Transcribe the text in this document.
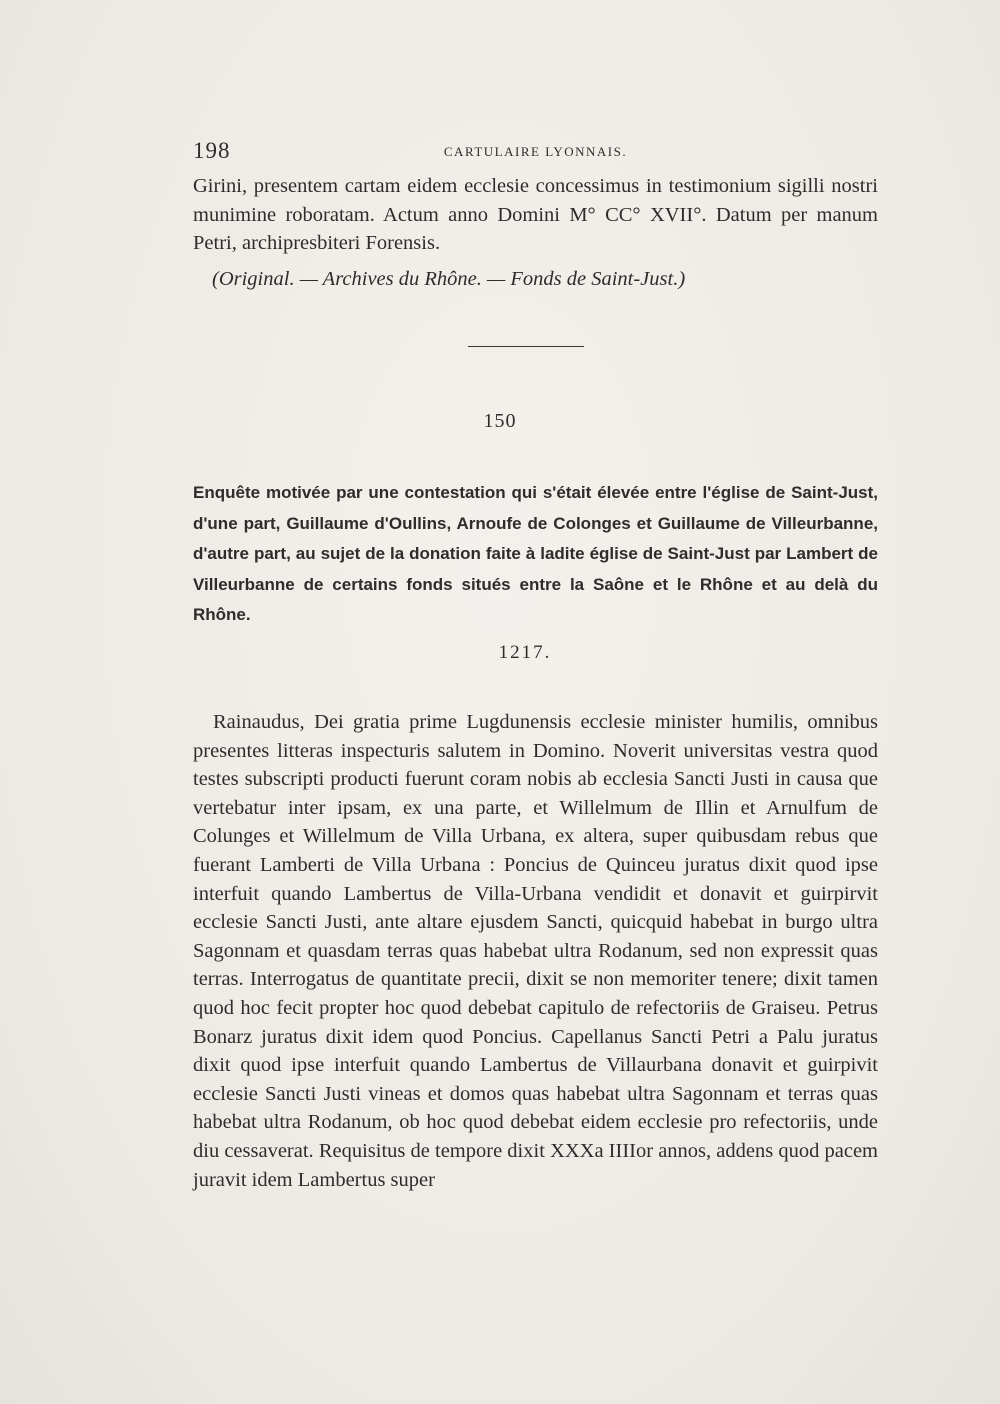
198	CARTULAIRE LYONNAIS.

Girini, presentem cartam eidem ecclesie concessimus in testimonium sigilli nostri munimine roboratam. Actum anno Domini M° CC° XVII°. Datum per manum Petri, archipresbiteri Forensis.

(Original. — Archives du Rhône. — Fonds de Saint-Just.)
150

Enquête motivée par une contestation qui s'était élevée entre l'église de Saint-Just, d'une part, Guillaume d'Oullins, Arnoufe de Colonges et Guillaume de Villeurbanne, d'autre part, au sujet de la donation faite à ladite église de Saint-Just par Lambert de Villeurbanne de certains fonds situés entre la Saône et le Rhône et au delà du Rhône.

1217.

Rainaudus, Dei gratia prime Lugdunensis ecclesie minister humilis, omnibus presentes litteras inspecturis salutem in Domino. Noverit universitas vestra quod testes subscripti producti fuerunt coram nobis ab ecclesia Sancti Justi in causa que vertebatur inter ipsam, ex una parte, et Willelmum de Illin et Arnulfum de Colunges et Willelmum de Villa Urbana, ex altera, super quibusdam rebus que fuerant Lamberti de Villa Urbana : Poncius de Quinceu juratus dixit quod ipse interfuit quando Lambertus de Villa-Urbana vendidit et donavit et guirpirvit ecclesie Sancti Justi, ante altare ejusdem Sancti, quicquid habebat in burgo ultra Sagonnam et quasdam terras quas habebat ultra Rodanum, sed non expressit quas terras. Interrogatus de quantitate precii, dixit se non memoriter tenere; dixit tamen quod hoc fecit propter hoc quod debebat capitulo de refectoriis de Graiseu. Petrus Bonarz juratus dixit idem quod Poncius. Capellanus Sancti Petri a Palu juratus dixit quod ipse interfuit quando Lambertus de Villaurbana donavit et guirpivit ecclesie Sancti Justi vineas et domos quas habebat ultra Sagonnam et terras quas habebat ultra Rodanum, ob hoc quod debebat eidem ecclesie pro refectoriis, unde diu cessaverat. Requisitus de tempore dixit XXXa IIIIor annos, addens quod pacem juravit idem Lambertus super
